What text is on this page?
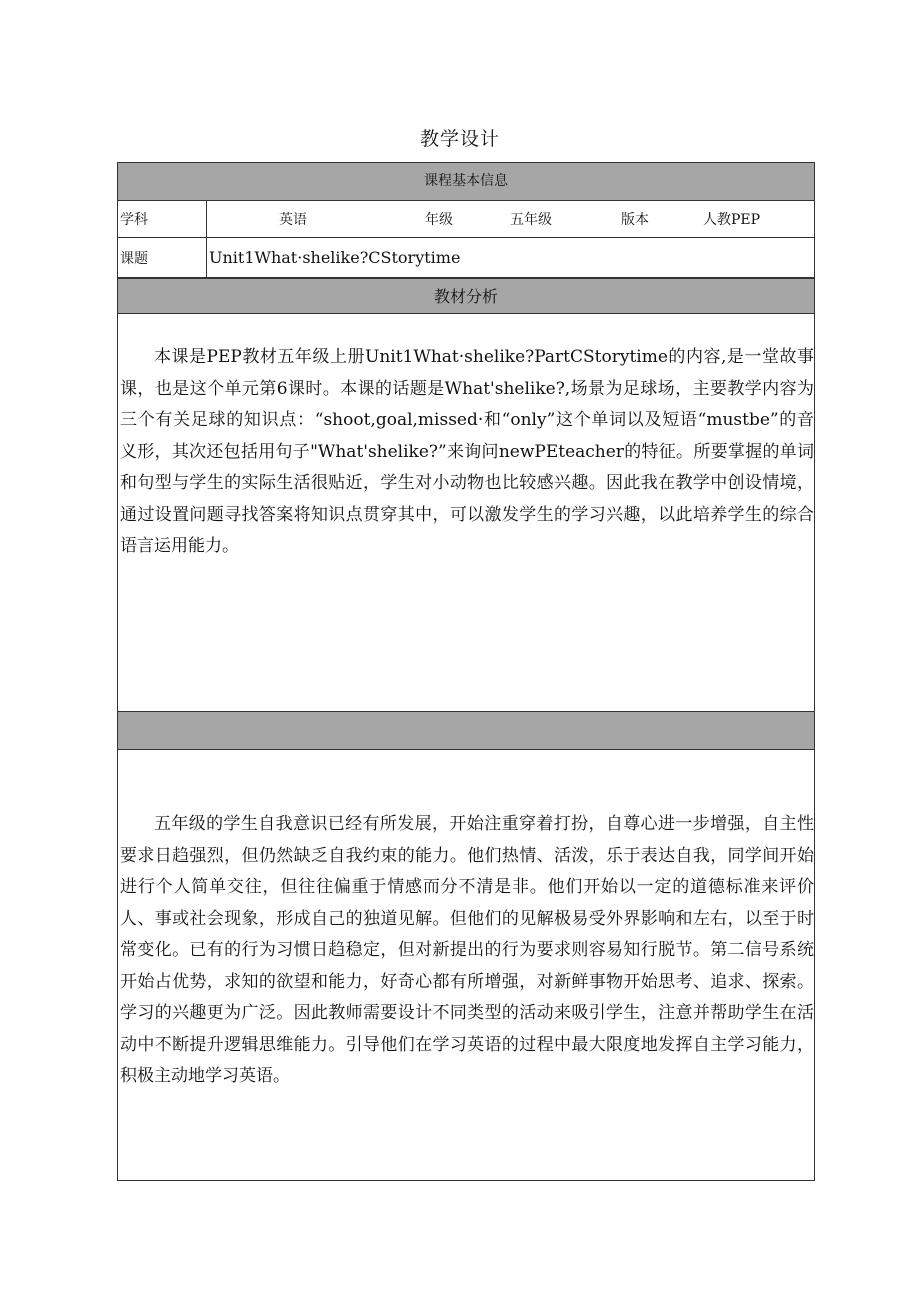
教学设计
课程基本信息
学科	英语	年级	五年级	版本	人教PEP
课题	Unit1What·shelike?CStorytime
教材分析

本课是PEP教材五年级上册Unit1What·shelike?PartCStorytime的内容,是一堂故事课，也是这个单元第6课时。本课的话题是What'shelike?,场景为足球场，主要教学内容为三个有关足球的知识点：“shoot,goal,missed·和“only”这个单词以及短语“mustbe”的音义形，其次还包括用句子"What'shelike?”来询问newPEteacher的特征。所要掌握的单词和句型与学生的实际生活很贴近，学生对小动物也比较感兴趣。因此我在教学中创设情境，通过设置问题寻找答案将知识点贯穿其中，可以激发学生的学习兴趣，以此培养学生的综合语言运用能力。

五年级的学生自我意识已经有所发展，开始注重穿着打扮，自尊心进一步增强，自主性要求日趋强烈，但仍然缺乏自我约束的能力。他们热情、活泼，乐于表达自我，同学间开始进行个人简单交往，但往往偏重于情感而分不清是非。他们开始以一定的道德标准来评价人、事或社会现象，形成自己的独道见解。但他们的见解极易受外界影响和左右，以至于时常变化。已有的行为习惯日趋稳定，但对新提出的行为要求则容易知行脱节。第二信号系统开始占优势，求知的欲望和能力，好奇心都有所增强，对新鲜事物开始思考、追求、探索。学习的兴趣更为广泛。因此教师需要设计不同类型的活动来吸引学生，注意并帮助学生在活动中不断提升逻辑思维能力。引导他们在学习英语的过程中最大限度地发挥自主学习能力，积极主动地学习英语。
